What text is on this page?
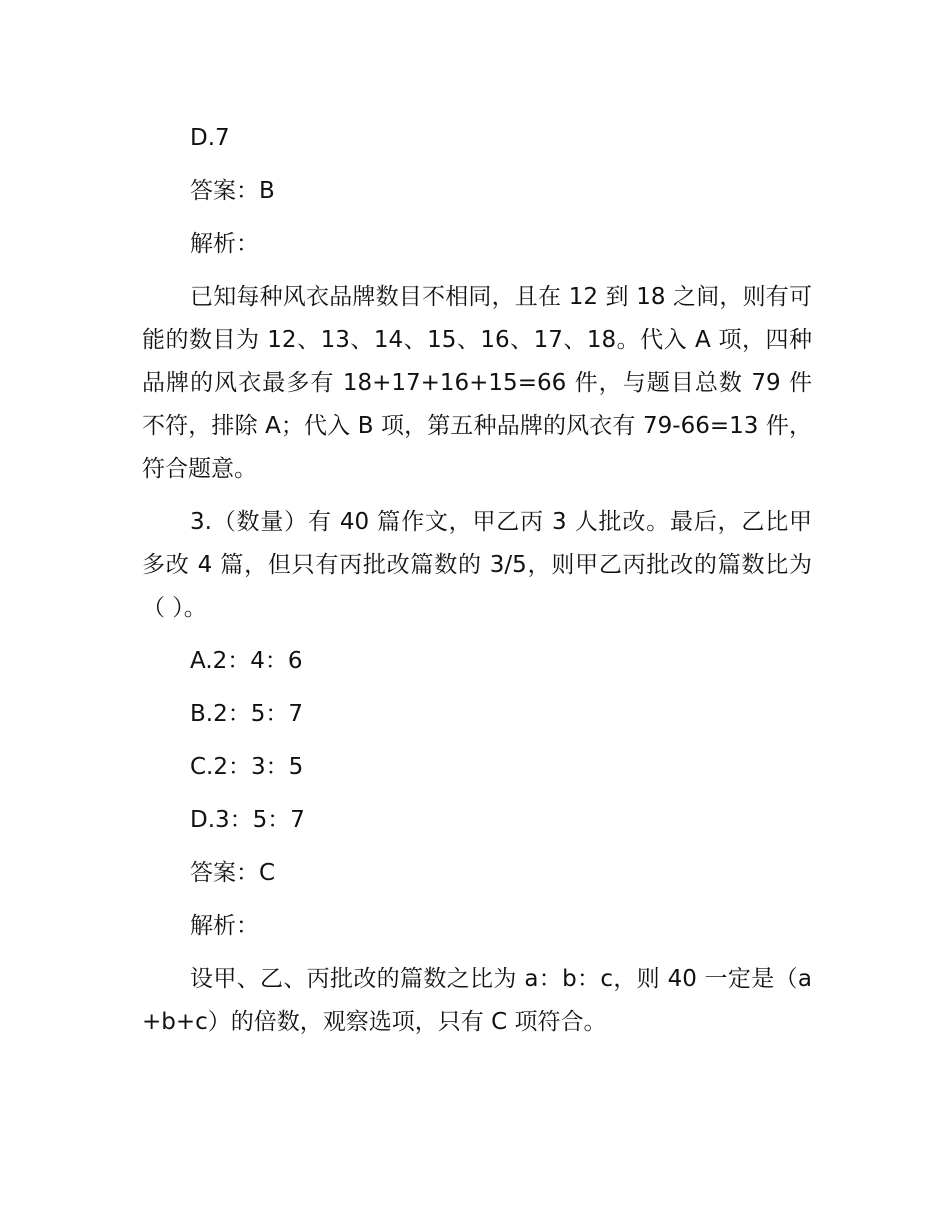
D.7

答案：B

解析：

已知每种风衣品牌数目不相同，且在 12 到 18 之间，则有可能的数目为 12、13、14、15、16、17、18。代入 A 项，四种品牌的风衣最多有 18+17+16+15=66 件，与题目总数 79 件不符，排除 A；代入 B 项，第五种品牌的风衣有 79-66=13 件，符合题意。

3.（数量）有 40 篇作文，甲乙丙 3 人批改。最后，乙比甲多改 4 篇，但只有丙批改篇数的 3/5，则甲乙丙批改的篇数比为（ ）。

A.2：4：6

B.2：5：7

C.2：3：5

D.3：5：7

答案：C

解析：

设甲、乙、丙批改的篇数之比为 a：b：c，则 40 一定是（a+b+c）的倍数，观察选项，只有 C 项符合。
